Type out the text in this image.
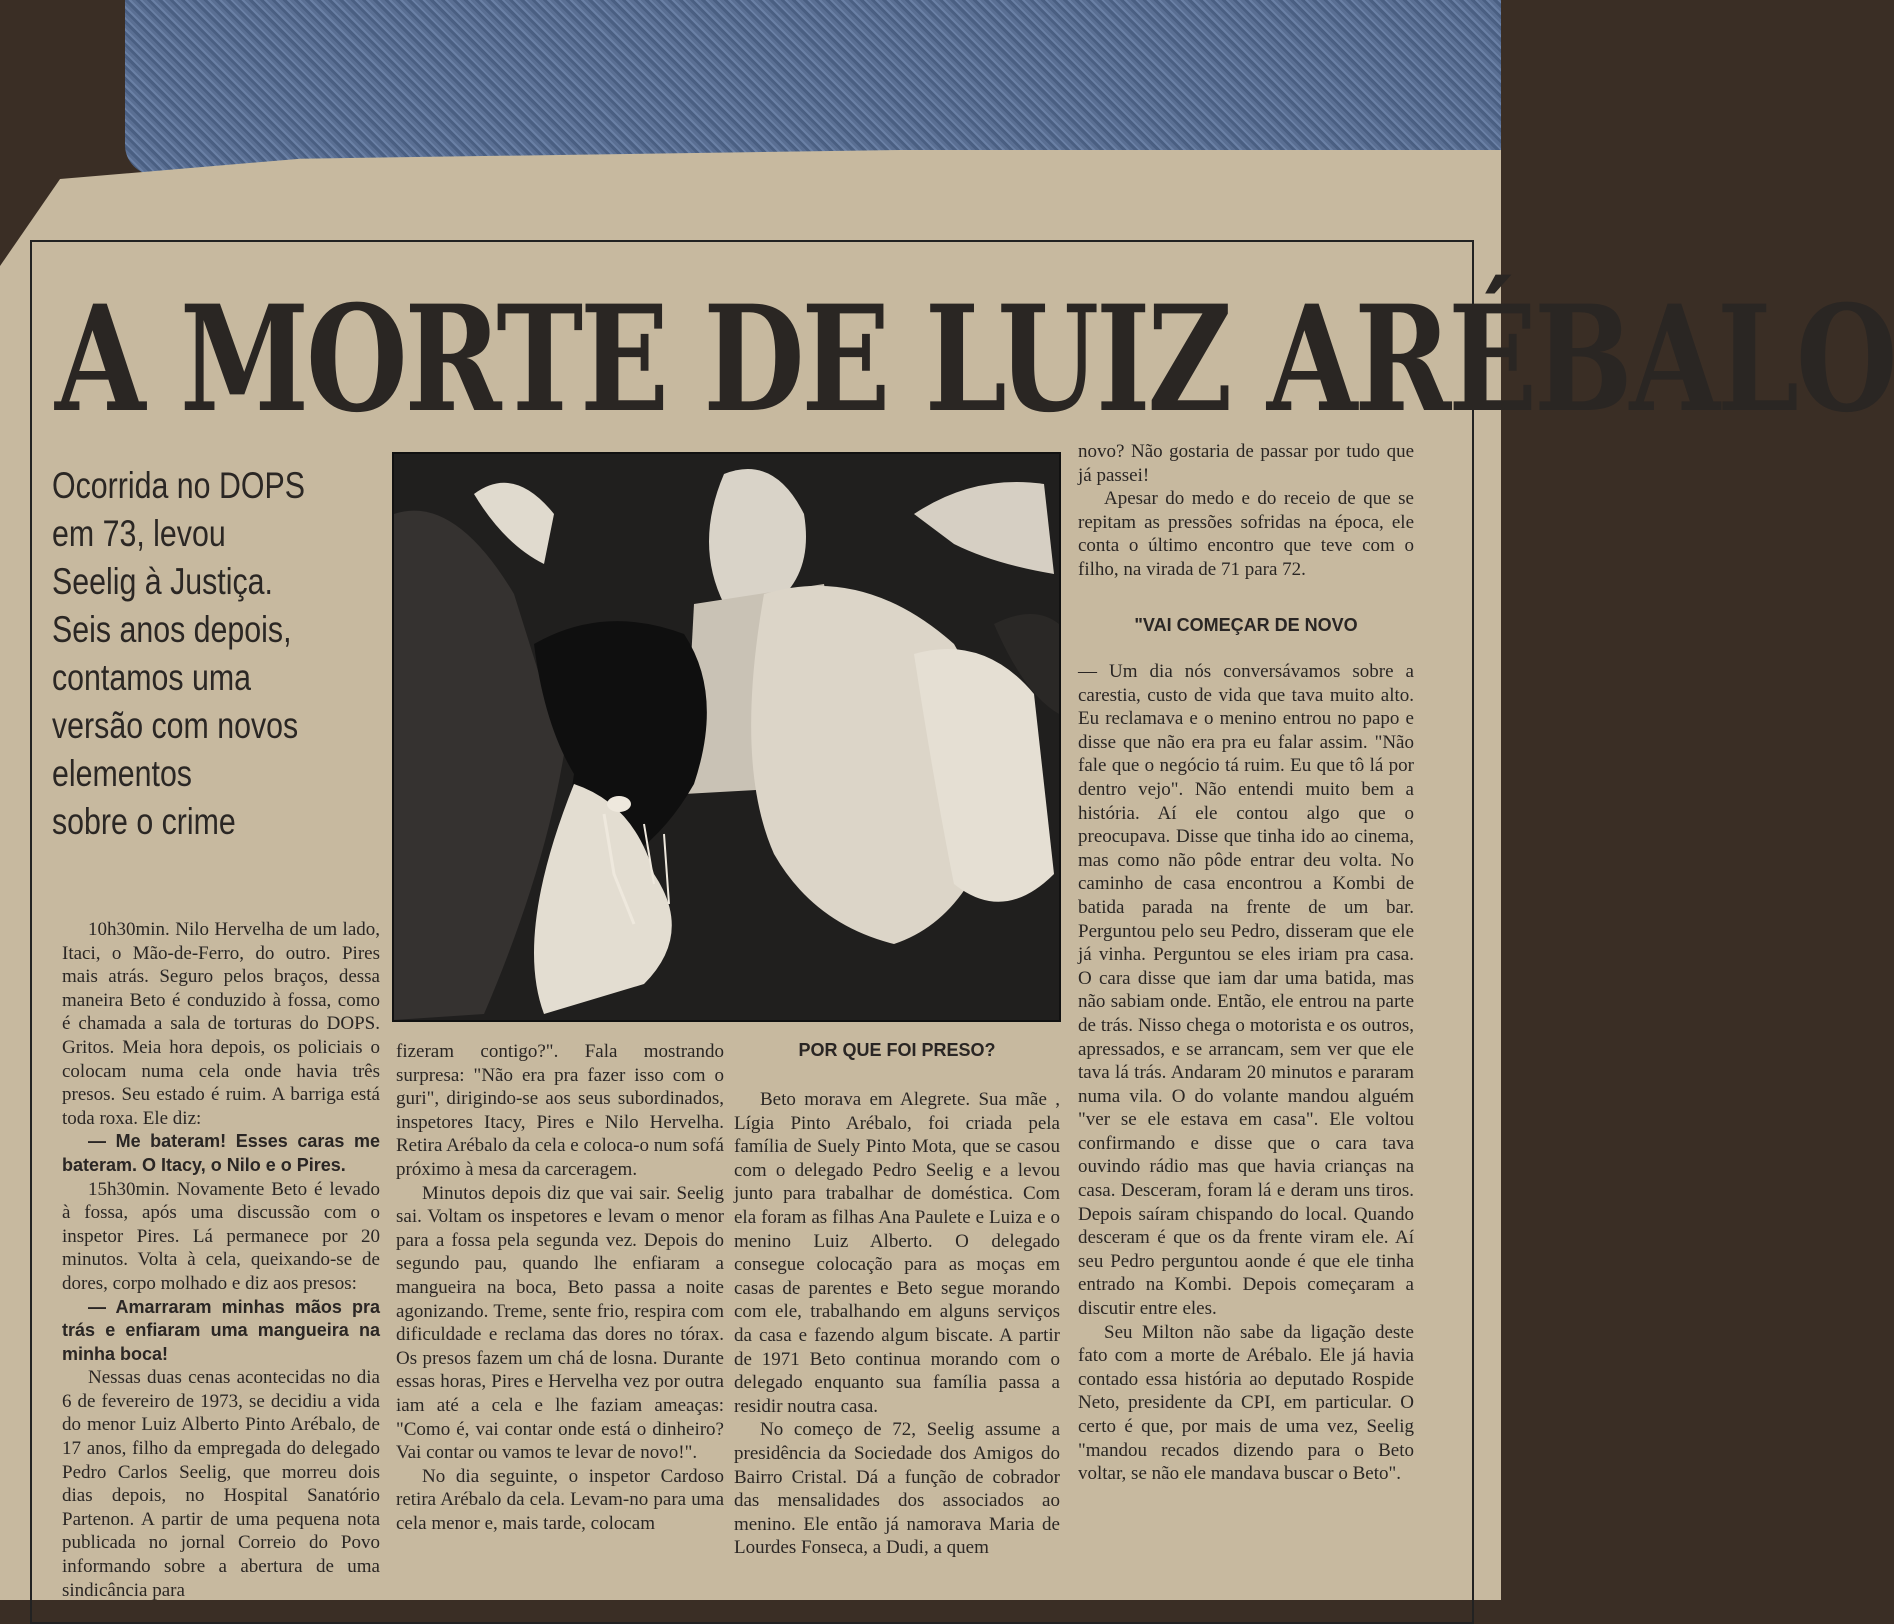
A MORTE DE LUIZ ARÉBALO
Ocorrida no DOPS
em 73, levou
Seelig à Justiça.
Seis anos depois,
contamos uma
versão com novos
elementos
sobre o crime

10h30min. Nilo Hervelha de um lado, Itaci, o Mão-de-Ferro, do outro. Pires mais atrás. Seguro pelos braços, dessa maneira Beto é conduzido à fossa, como é chamada a sala de torturas do DOPS. Gritos. Meia hora depois, os policiais o colocam numa cela onde havia três presos. Seu estado é ruim. A barriga está toda roxa. Ele diz:

— Me bateram! Esses caras me bateram. O Itacy, o Nilo e o Pires.

15h30min. Novamente Beto é levado à fossa, após uma discussão com o inspetor Pires. Lá permanece por 20 minutos. Volta à cela, queixando-se de dores, corpo molhado e diz aos presos:

— Amarraram minhas mãos pra trás e enfiaram uma mangueira na minha boca!

Nessas duas cenas acontecidas no dia 6 de fevereiro de 1973, se decidiu a vida do menor Luiz Alberto Pinto Arébalo, de 17 anos, filho da empregada do delegado Pedro Carlos Seelig, que morreu dois dias depois, no Hospital Sanatório Partenon. A partir de uma pequena nota publicada no jornal Correio do Povo informando sobre a abertura de uma sindicância para

fizeram contigo?". Fala mostrando surpresa: "Não era pra fazer isso com o guri", dirigindo-se aos seus subordinados, inspetores Itacy, Pires e Nilo Hervelha. Retira Arébalo da cela e coloca-o num sofá próximo à mesa da carceragem.

Minutos depois diz que vai sair. Seelig sai. Voltam os inspetores e levam o menor para a fossa pela segunda vez. Depois do segundo pau, quando lhe enfiaram a mangueira na boca, Beto passa a noite agonizando. Treme, sente frio, respira com dificuldade e reclama das dores no tórax. Os presos fazem um chá de losna. Durante essas horas, Pires e Hervelha vez por outra iam até a cela e lhe faziam ameaças: "Como é, vai contar onde está o dinheiro? Vai contar ou vamos te levar de novo!".

No dia seguinte, o inspetor Cardoso retira Arébalo da cela. Levam-no para uma cela menor e, mais tarde, colocam

POR QUE FOI PRESO?

Beto morava em Alegrete. Sua mãe , Lígia Pinto Arébalo, foi criada pela família de Suely Pinto Mota, que se casou com o delegado Pedro Seelig e a levou junto para trabalhar de doméstica. Com ela foram as filhas Ana Paulete e Luiza e o menino Luiz Alberto. O delegado consegue colocação para as moças em casas de parentes e Beto segue morando com ele, trabalhando em alguns serviços da casa e fazendo algum biscate. A partir de 1971 Beto continua morando com o delegado enquanto sua família passa a residir noutra casa.

No começo de 72, Seelig assume a presidência da Sociedade dos Amigos do Bairro Cristal. Dá a função de cobrador das mensalidades dos associados ao menino. Ele então já namorava Maria de Lourdes Fonseca, a Dudi, a quem

novo? Não gostaria de passar por tudo que já passei!

Apesar do medo e do receio de que se repitam as pressões sofridas na época, ele conta o último encontro que teve com o filho, na virada de 71 para 72.

"VAI COMEÇAR DE NOVO

— Um dia nós conversávamos sobre a carestia, custo de vida que tava muito alto. Eu reclamava e o menino entrou no papo e disse que não era pra eu falar assim. "Não fale que o negócio tá ruim. Eu que tô lá por dentro vejo". Não entendi muito bem a história. Aí ele contou algo que o preocupava. Disse que tinha ido ao cinema, mas como não pôde entrar deu volta. No caminho de casa encontrou a Kombi de batida parada na frente de um bar. Perguntou pelo seu Pedro, disseram que ele já vinha. Perguntou se eles iriam pra casa. O cara disse que iam dar uma batida, mas não sabiam onde. Então, ele entrou na parte de trás. Nisso chega o motorista e os outros, apressados, e se arrancam, sem ver que ele tava lá trás. Andaram 20 minutos e pararam numa vila. O do volante mandou alguém "ver se ele estava em casa". Ele voltou confirmando e disse que o cara tava ouvindo rádio mas que havia crianças na casa. Desceram, foram lá e deram uns tiros. Depois saíram chispando do local. Quando desceram é que os da frente viram ele. Aí seu Pedro perguntou aonde é que ele tinha entrado na Kombi. Depois começaram a discutir entre eles.

Seu Milton não sabe da ligação deste fato com a morte de Arébalo. Ele já havia contado essa história ao deputado Rospide Neto, presidente da CPI, em particular. O certo é que, por mais de uma vez, Seelig "mandou recados dizendo para o Beto voltar, se não ele mandava buscar o Beto".
